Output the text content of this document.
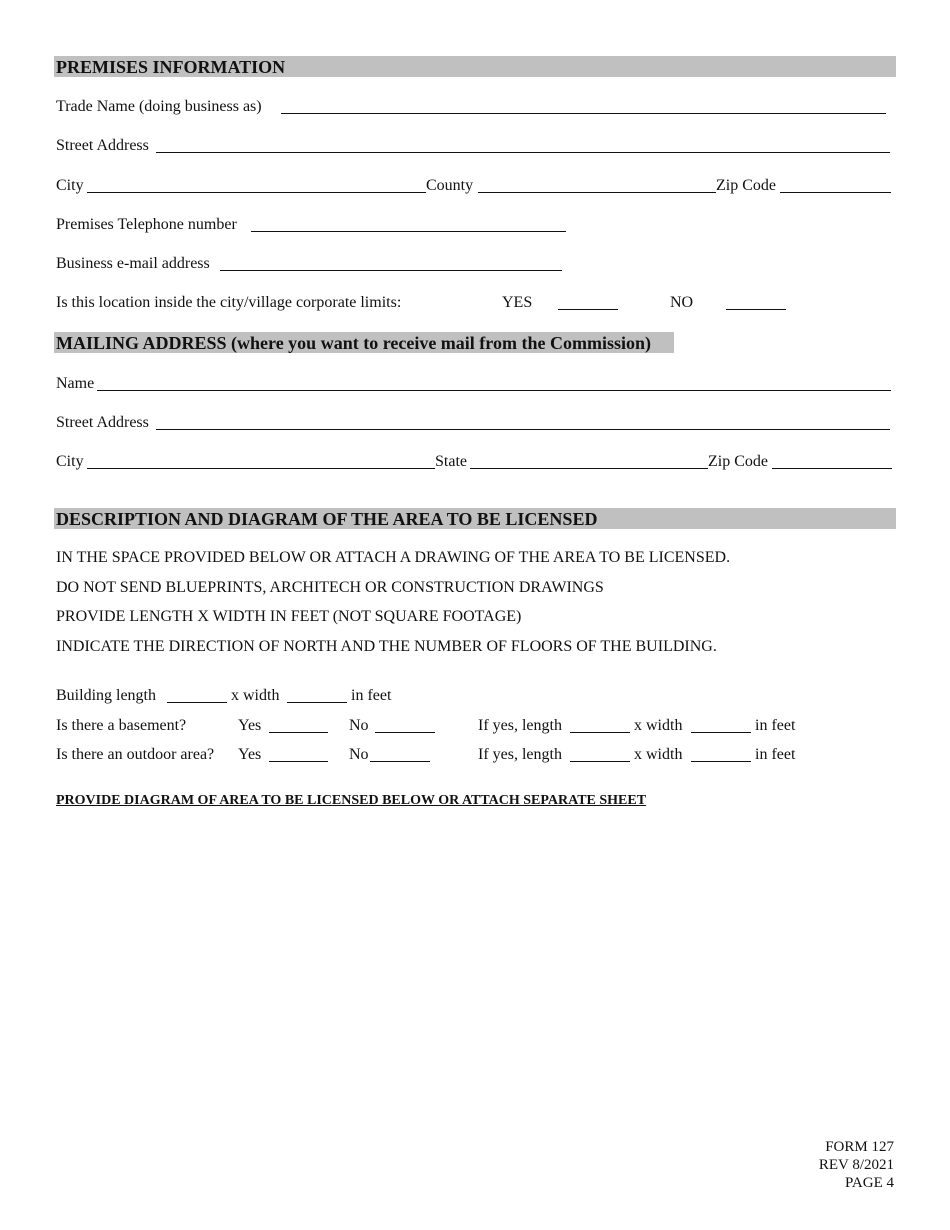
PREMISES INFORMATION
Trade Name (doing business as)
Street Address
City	County	Zip Code
Premises Telephone number
Business e-mail address
Is this location inside the city/village corporate limits:	YES	NO
MAILING ADDRESS (where you want to receive mail from the Commission)
Name
Street Address
City	State	Zip Code
DESCRIPTION AND DIAGRAM OF THE AREA TO BE LICENSED
IN THE SPACE PROVIDED BELOW OR ATTACH A DRAWING OF THE AREA TO BE LICENSED.
DO NOT SEND BLUEPRINTS, ARCHITECH OR CONSTRUCTION DRAWINGS
PROVIDE LENGTH X WIDTH IN FEET (NOT SQUARE FOOTAGE)
INDICATE THE DIRECTION OF NORTH AND THE NUMBER OF FLOORS OF THE BUILDING.
Building length	x width	in feet
Is there a basement?	Yes	No	If yes, length	x width	in feet
Is there an outdoor area? Yes	No	If yes, length	x width	in feet
PROVIDE DIAGRAM OF AREA TO BE LICENSED BELOW OR ATTACH SEPARATE SHEET
FORM 127
REV 8/2021
PAGE 4
